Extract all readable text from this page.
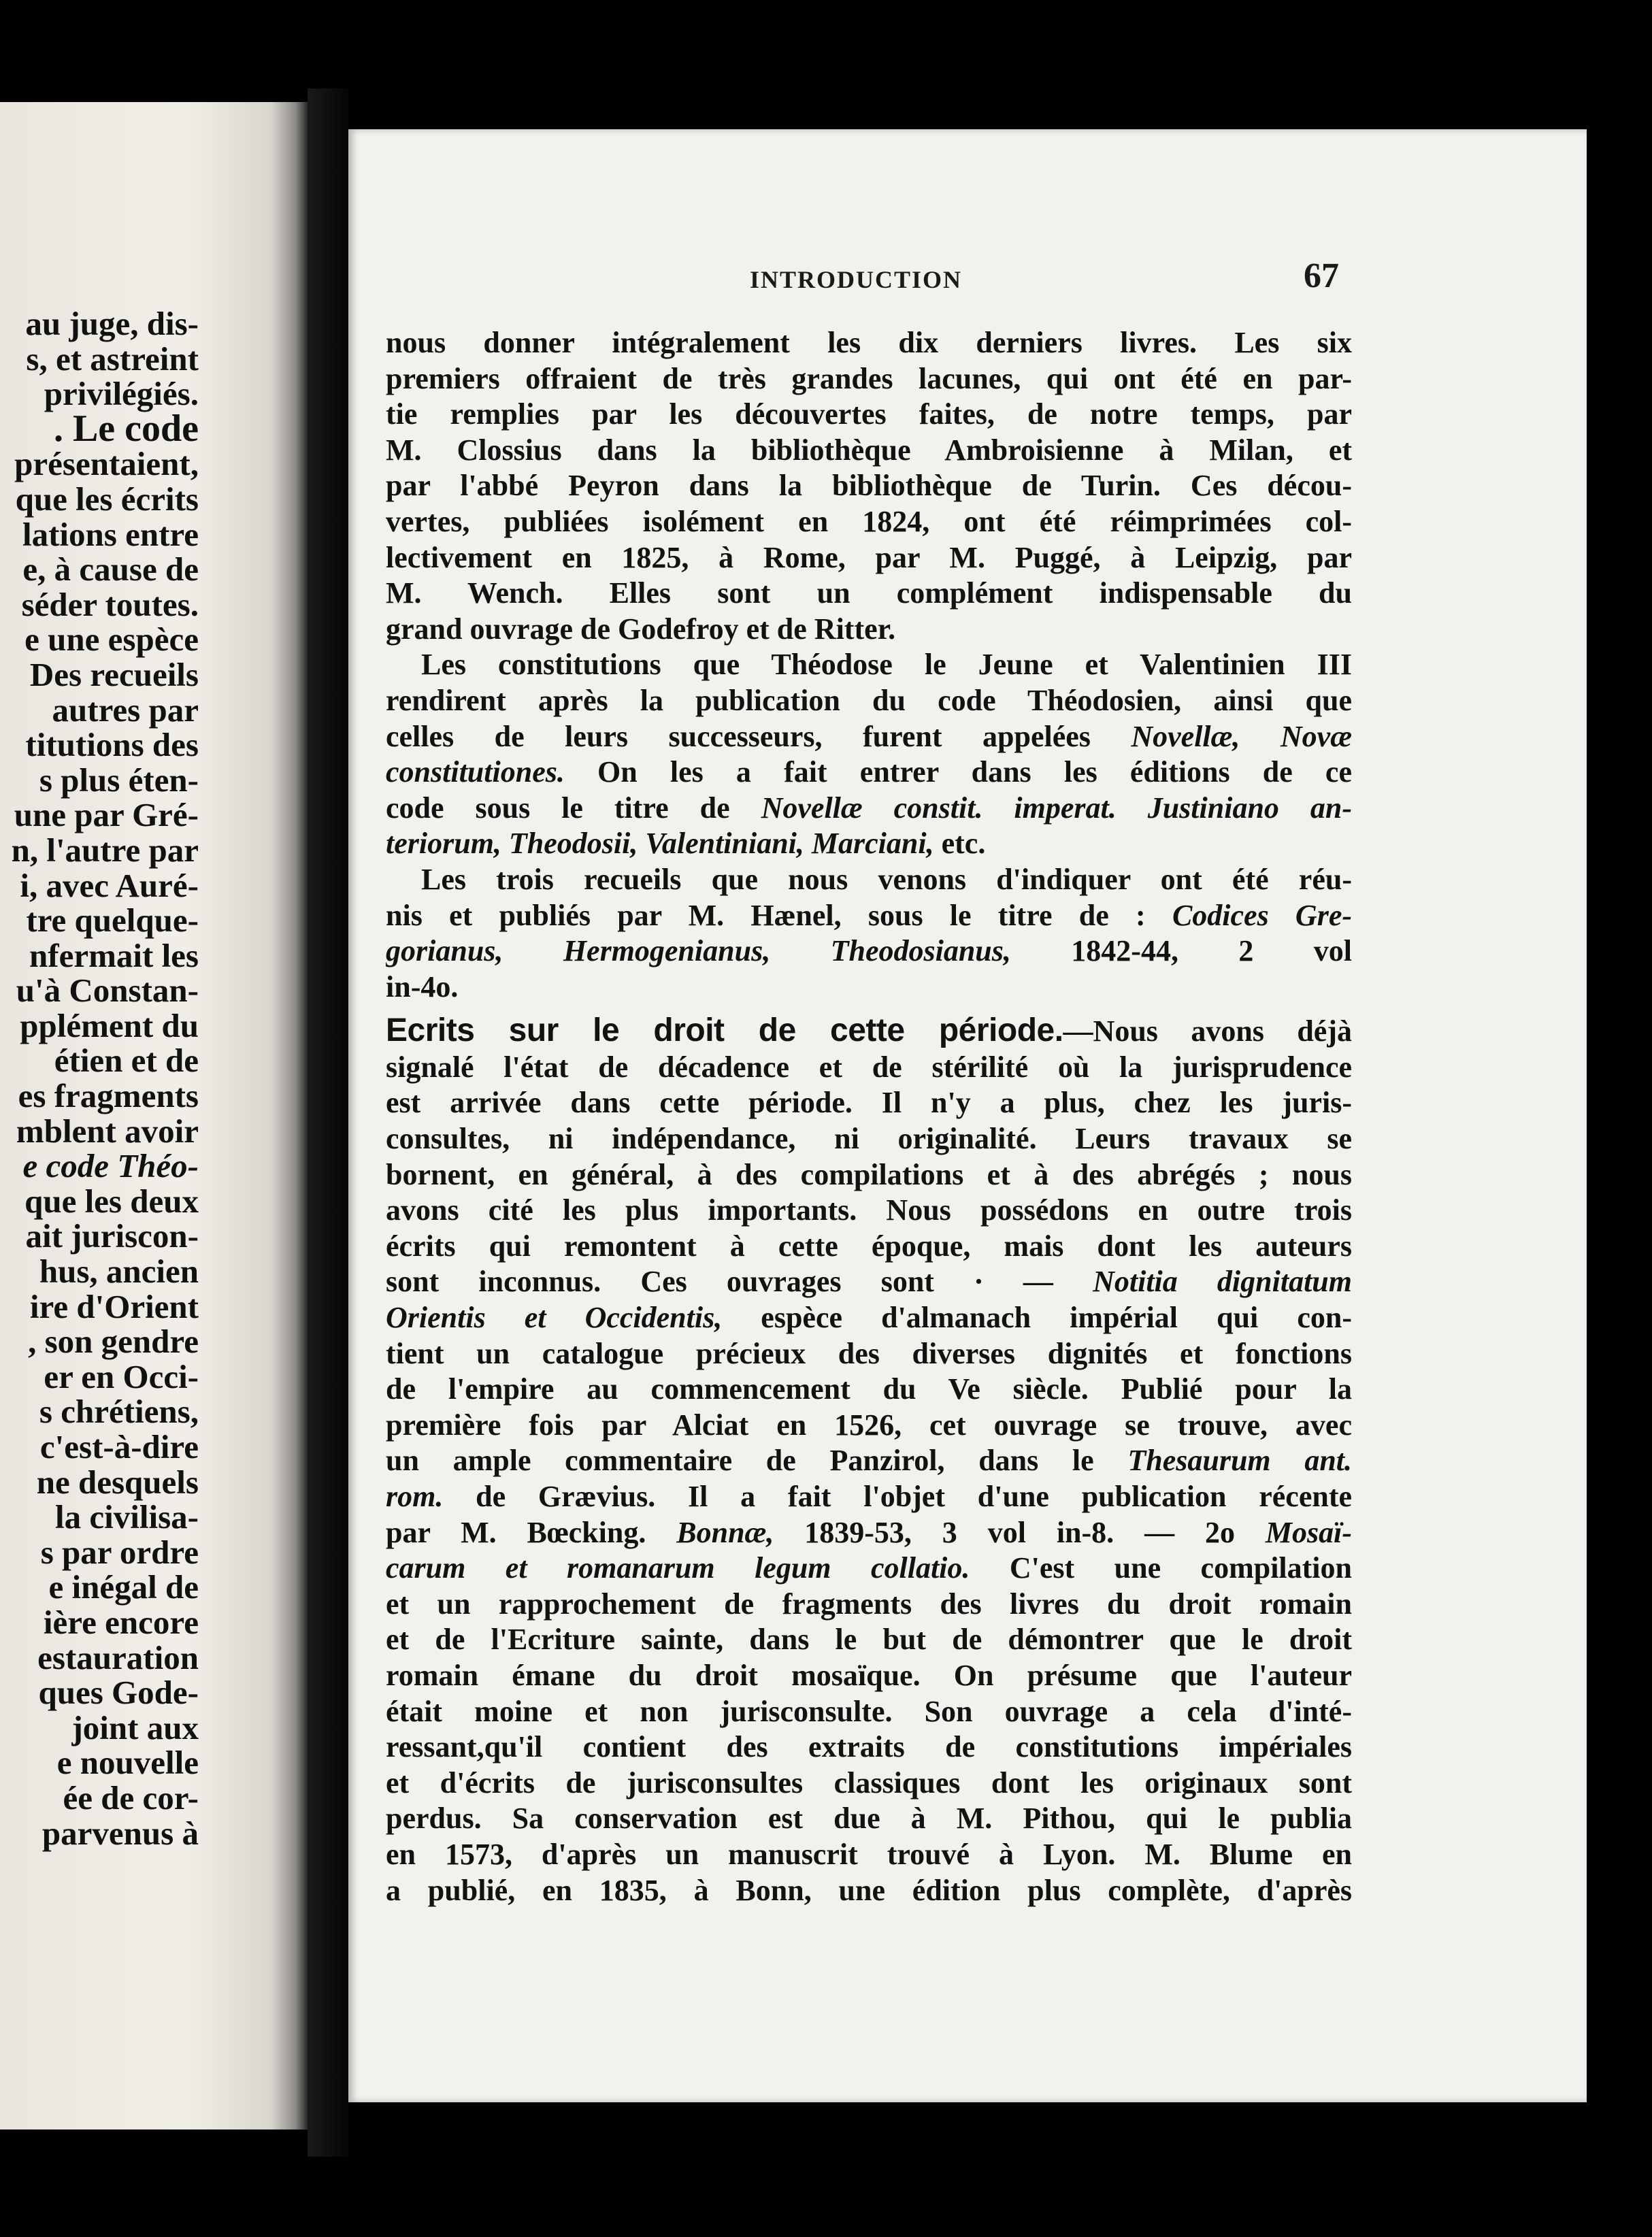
au juge, dis-
s, et astreint
privilégiés.
. Le code
présentaient,
que les écrits
lations entre
e, à cause de
séder toutes.
e une espèce
Des recueils
autres par
titutions des
s plus éten-
une par Gré-
n, l'autre par
i, avec Auré-
tre quelque-
nfermait les
u'à Constan-
pplément du
étien et de
es fragments
mblent avoir
e code Théo-
que les deux
ait juriscon-
hus, ancien
ire d'Orient
, son gendre
er en Occi-
s chrétiens,
c'est-à-dire
ne desquels
la civilisa-
s par ordre
e inégal de
ière encore
estauration
ques Gode-
joint aux
e nouvelle
ée de cor-
parvenus à
INTRODUCTION	67

nous donner intégralement les dix derniers livres. Les six
premiers offraient de très grandes lacunes, qui ont été en par-
tie remplies par les découvertes faites, de notre temps, par
M. Clossius dans la bibliothèque Ambroisienne à Milan, et
par l'abbé Peyron dans la bibliothèque de Turin. Ces décou-
vertes, publiées isolément en 1824, ont été réimprimées col-
lectivement en 1825, à Rome, par M. Puggé, à Leipzig, par
M. Wench. Elles sont un complément indispensable du
grand ouvrage de Godefroy et de Ritter.

Les constitutions que Théodose le Jeune et Valentinien III
rendirent après la publication du code Théodosien, ainsi que
celles de leurs successeurs, furent appelées Novellæ, Novæ
constitutiones. On les a fait entrer dans les éditions de ce
code sous le titre de Novellæ constit. imperat. Justiniano an-
teriorum, Theodosii, Valentiniani, Marciani, etc.

Les trois recueils que nous venons d'indiquer ont été réu-
nis et publiés par M. Hænel, sous le titre de : Codices Gre-
gorianus, Hermogenianus, Theodosianus, 1842-44, 2 vol
in-4o.

Ecrits sur le droit de cette période.—Nous avons déjà
signalé l'état de décadence et de stérilité où la jurisprudence
est arrivée dans cette période. Il n'y a plus, chez les juris-
consultes, ni indépendance, ni originalité. Leurs travaux se
bornent, en général, à des compilations et à des abrégés ; nous
avons cité les plus importants. Nous possédons en outre trois
écrits qui remontent à cette époque, mais dont les auteurs
sont inconnus. Ces ouvrages sont · — Notitia dignitatum
Orientis et Occidentis, espèce d'almanach impérial qui con-
tient un catalogue précieux des diverses dignités et fonctions
de l'empire au commencement du Ve siècle. Publié pour la
première fois par Alciat en 1526, cet ouvrage se trouve, avec
un ample commentaire de Panzirol, dans le Thesaurum ant.
rom. de Grævius. Il a fait l'objet d'une publication récente
par M. Bœcking. Bonnæ, 1839-53, 3 vol in-8. — 2o Mosaï-
carum et romanarum legum collatio. C'est une compilation
et un rapprochement de fragments des livres du droit romain
et de l'Ecriture sainte, dans le but de démontrer que le droit
romain émane du droit mosaïque. On présume que l'auteur
était moine et non jurisconsulte. Son ouvrage a cela d'inté-
ressant,qu'il contient des extraits de constitutions impériales
et d'écrits de jurisconsultes classiques dont les originaux sont
perdus. Sa conservation est due à M. Pithou, qui le publia
en 1573, d'après un manuscrit trouvé à Lyon. M. Blume en
a publié, en 1835, à Bonn, une édition plus complète, d'après
